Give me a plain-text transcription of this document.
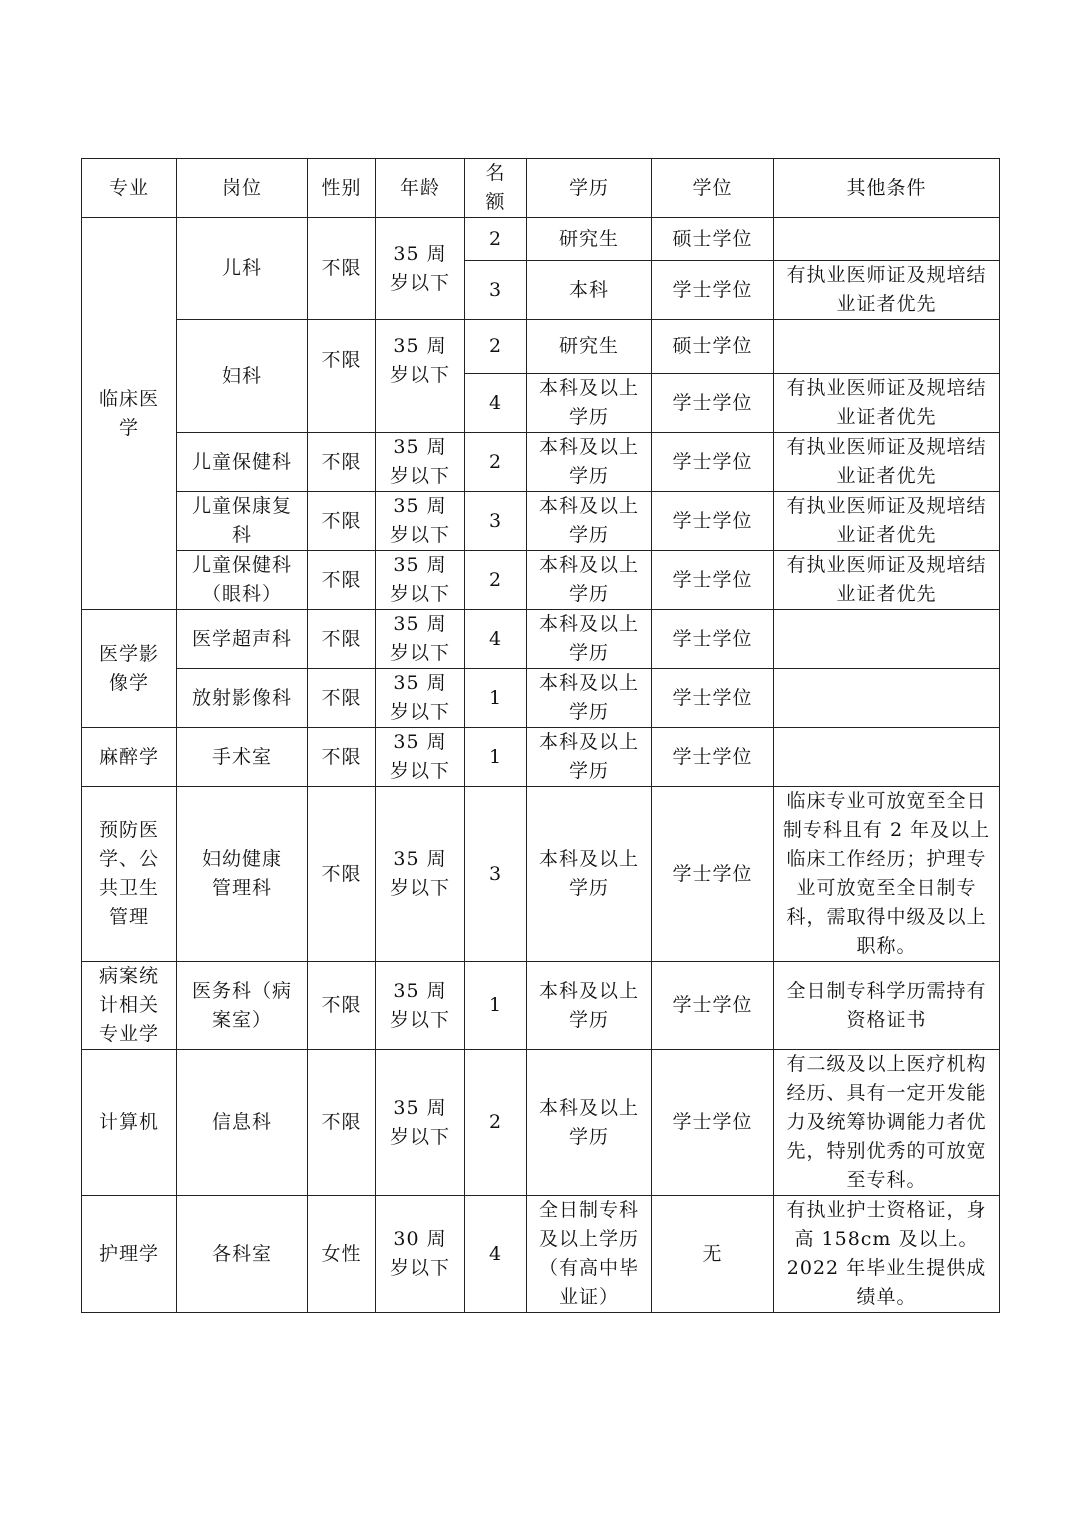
专业	岗位	性别	年龄	名额	学历	学位	其他条件
临床医学	儿科	不限	35 周岁以下	2	研究生	硕士学位	
				3	本科	学士学位	有执业医师证及规培结业证者优先
	妇科	不限	35 周岁以下	2	研究生	硕士学位	
				4	本科及以上学历	学士学位	有执业医师证及规培结业证者优先
	儿童保健科	不限	35 周岁以下	2	本科及以上学历	学士学位	有执业医师证及规培结业证者优先
	儿童保康复科	不限	35 周岁以下	3	本科及以上学历	学士学位	有执业医师证及规培结业证者优先
	儿童保健科（眼科）	不限	35 周岁以下	2	本科及以上学历	学士学位	有执业医师证及规培结业证者优先
医学影像学	医学超声科	不限	35 周岁以下	4	本科及以上学历	学士学位	
	放射影像科	不限	35 周岁以下	1	本科及以上学历	学士学位	
麻醉学	手术室	不限	35 周岁以下	1	本科及以上学历	学士学位	
预防医学、公共卫生管理	妇幼健康管理科	不限	35 周岁以下	3	本科及以上学历	学士学位	临床专业可放宽至全日制专科且有 2 年及以上临床工作经历；护理专业可放宽至全日制专科，需取得中级及以上职称。
病案统计相关专业学	医务科（病案室）	不限	35 周岁以下	1	本科及以上学历	学士学位	全日制专科学历需持有资格证书
计算机	信息科	不限	35 周岁以下	2	本科及以上学历	学士学位	有二级及以上医疗机构经历、具有一定开发能力及统筹协调能力者优先，特别优秀的可放宽至专科。
护理学	各科室	女性	30 周岁以下	4	全日制专科及以上学历（有高中毕业证）	无	有执业护士资格证，身高 158cm 及以上。2022 年毕业生提供成绩单。
